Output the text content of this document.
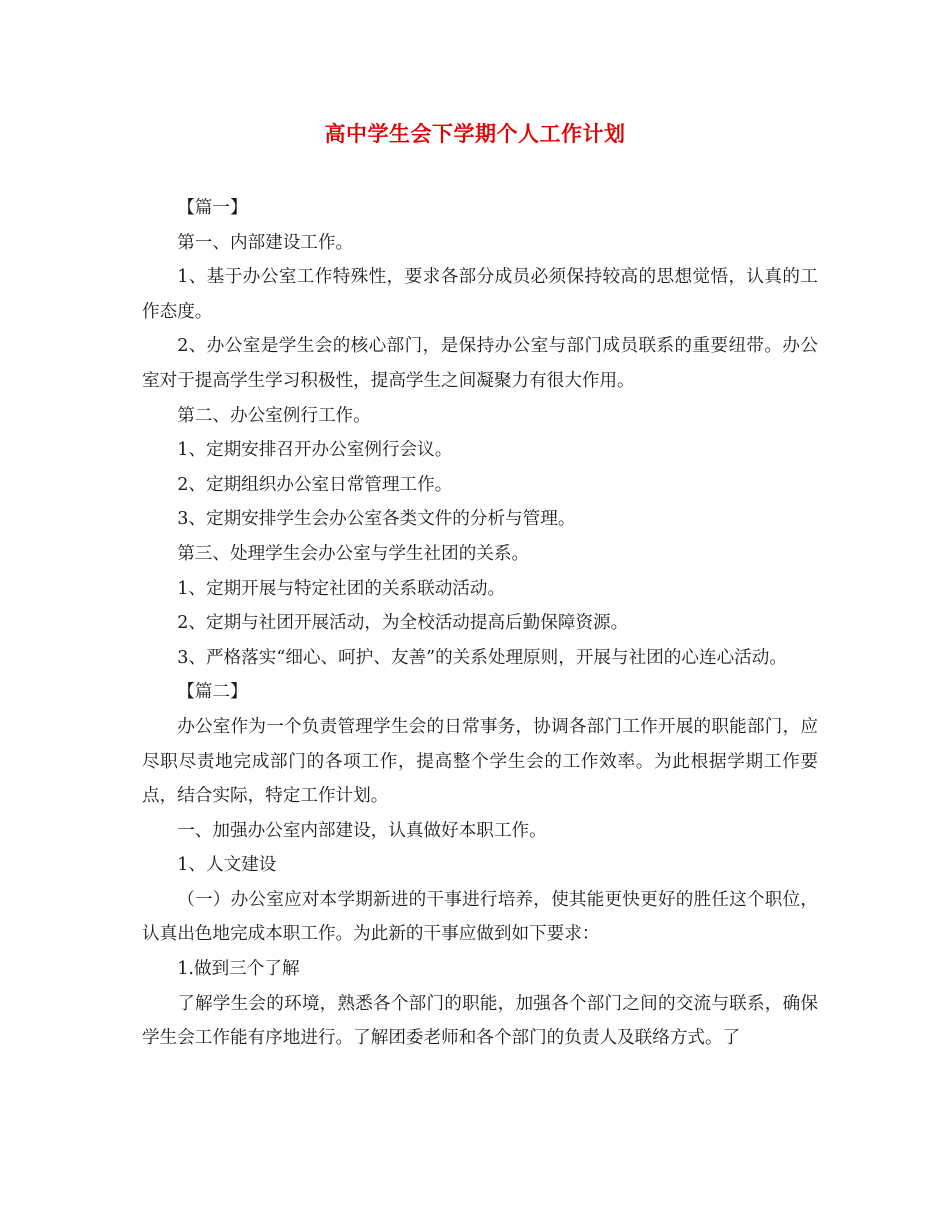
高中学生会下学期个人工作计划

【篇一】

第一、内部建设工作。

1、基于办公室工作特殊性，要求各部分成员必须保持较高的思想觉悟，认真的工作态度。

2、办公室是学生会的核心部门，是保持办公室与部门成员联系的重要纽带。办公室对于提高学生学习积极性，提高学生之间凝聚力有很大作用。

第二、办公室例行工作。

1、定期安排召开办公室例行会议。

2、定期组织办公室日常管理工作。

3、定期安排学生会办公室各类文件的分析与管理。

第三、处理学生会办公室与学生社团的关系。

1、定期开展与特定社团的关系联动活动。

2、定期与社团开展活动，为全校活动提高后勤保障资源。

3、严格落实“细心、呵护、友善”的关系处理原则，开展与社团的心连心活动。

【篇二】

办公室作为一个负责管理学生会的日常事务，协调各部门工作开展的职能部门，应尽职尽责地完成部门的各项工作，提高整个学生会的工作效率。为此根据学期工作要点，结合实际，特定工作计划。

一、加强办公室内部建设，认真做好本职工作。

1、人文建设

（一）办公室应对本学期新进的干事进行培养，使其能更快更好的胜任这个职位，认真出色地完成本职工作。为此新的干事应做到如下要求：

1.做到三个了解

了解学生会的环境，熟悉各个部门的职能，加强各个部门之间的交流与联系，确保学生会工作能有序地进行。了解团委老师和各个部门的负责人及联络方式。了
